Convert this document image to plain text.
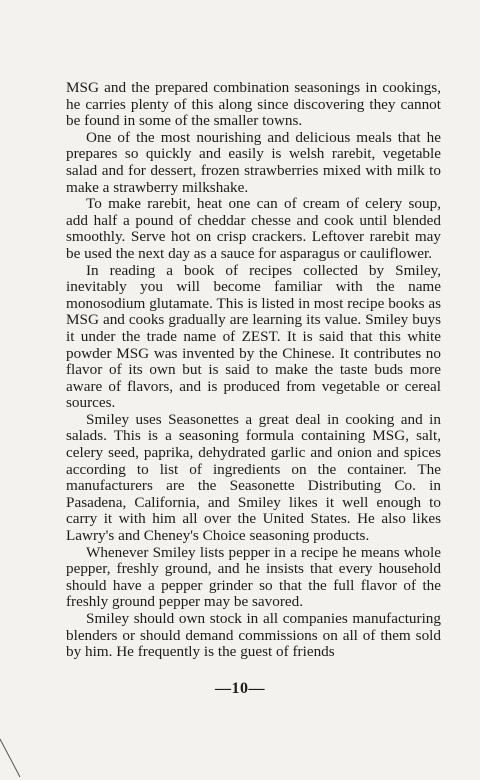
MSG and the prepared combination seasonings in cookings, he carries plenty of this along since discovering they cannot be found in some of the smaller towns.

One of the most nourishing and delicious meals that he prepares so quickly and easily is welsh rarebit, vegetable salad and for dessert, frozen strawberries mixed with milk to make a strawberry milkshake.

To make rarebit, heat one can of cream of celery soup, add half a pound of cheddar chesse and cook until blended smoothly. Serve hot on crisp crackers. Leftover rarebit may be used the next day as a sauce for asparagus or cauliflower.

In reading a book of recipes collected by Smiley, inevitably you will become familiar with the name monosodium glutamate. This is listed in most recipe books as MSG and cooks gradually are learning its value. Smiley buys it under the trade name of ZEST. It is said that this white powder MSG was invented by the Chinese. It contributes no flavor of its own but is said to make the taste buds more aware of flavors, and is produced from vegetable or cereal sources.

Smiley uses Seasonettes a great deal in cooking and in salads. This is a seasoning formula containing MSG, salt, celery seed, paprika, dehydrated garlic and onion and spices according to list of ingredients on the container. The manufacturers are the Seasonette Distributing Co. in Pasadena, California, and Smiley likes it well enough to carry it with him all over the United States. He also likes Lawry's and Cheney's Choice seasoning products.

Whenever Smiley lists pepper in a recipe he means whole pepper, freshly ground, and he insists that every household should have a pepper grinder so that the full flavor of the freshly ground pepper may be savored.

Smiley should own stock in all companies manufacturing blenders or should demand commissions on all of them sold by him. He frequently is the guest of friends

—10—
